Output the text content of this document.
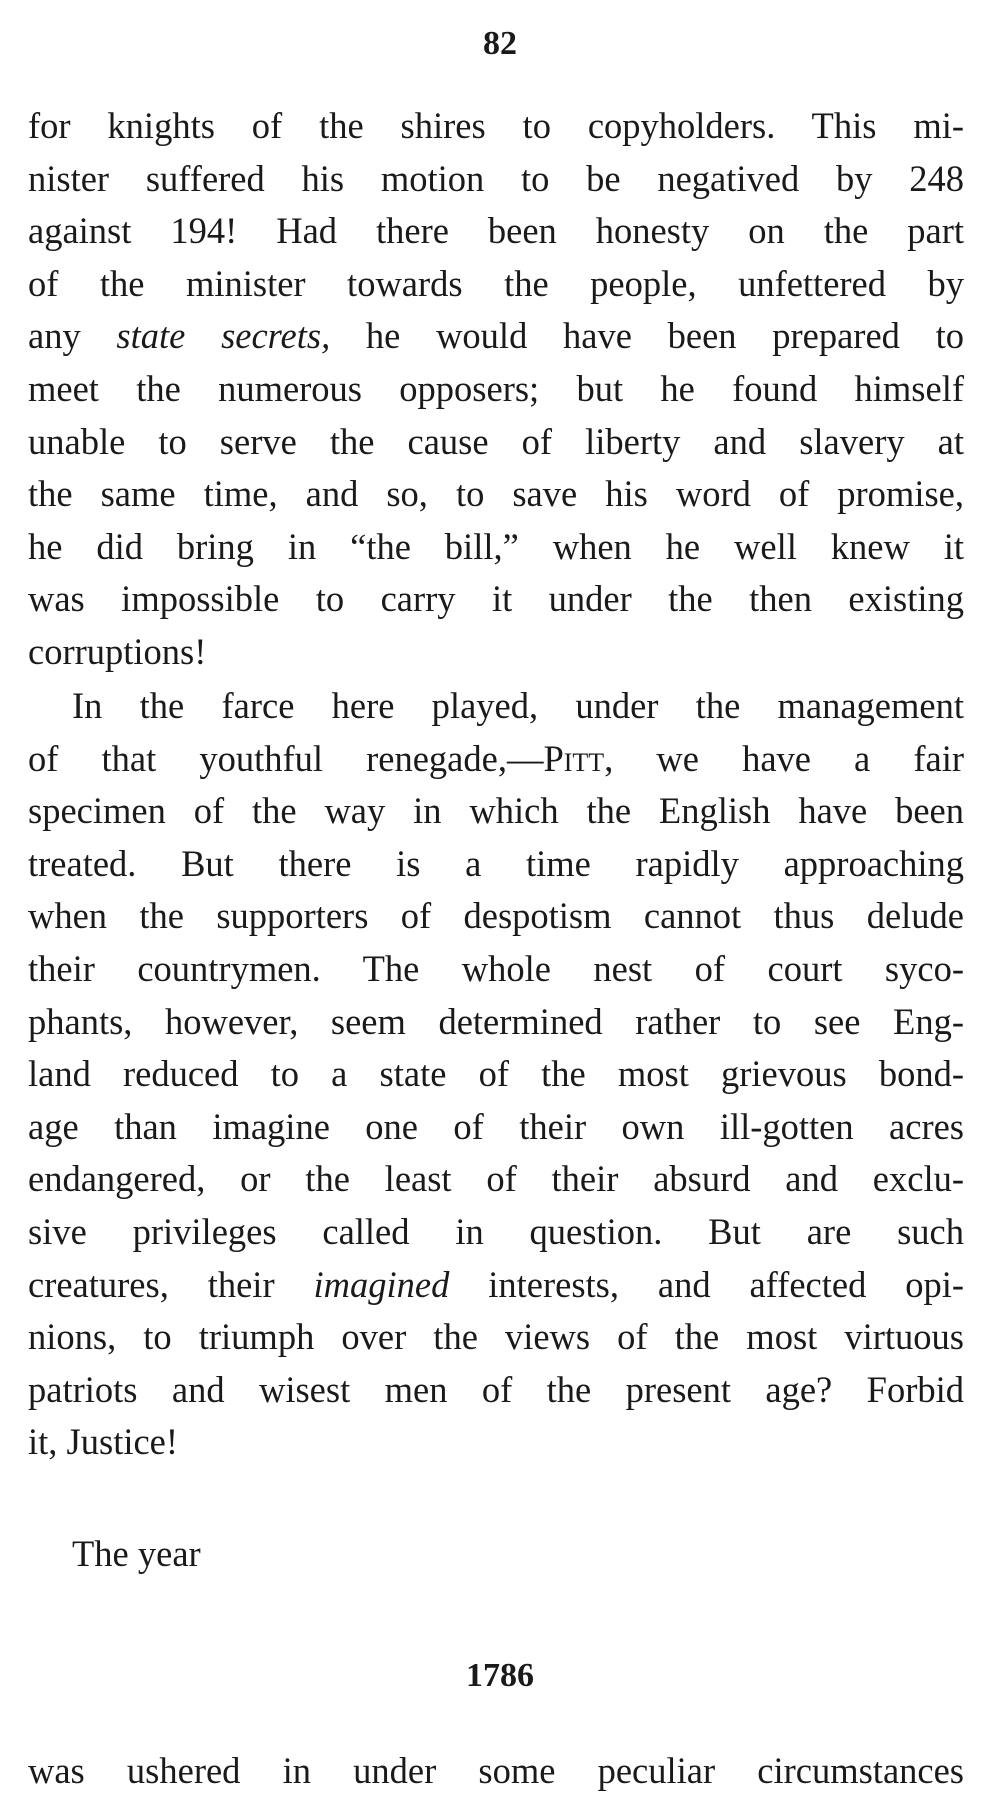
82
for knights of the shires to copyholders. This mi-
nister suffered his motion to be negatived by 248
against 194! Had there been honesty on the part
of the minister towards the people, unfettered by
any state secrets, he would have been prepared to
meet the numerous opposers; but he found himself
unable to serve the cause of liberty and slavery at
the same time, and so, to save his word of promise,
he did bring in “the bill,” when he well knew it
was impossible to carry it under the then existing
corruptions!
In the farce here played, under the management
of that youthful renegade,—Pitt, we have a fair
specimen of the way in which the English have been
treated. But there is a time rapidly approaching
when the supporters of despotism cannot thus delude
their countrymen. The whole nest of court syco-
phants, however, seem determined rather to see Eng-
land reduced to a state of the most grievous bond-
age than imagine one of their own ill-gotten acres
endangered, or the least of their absurd and exclu-
sive privileges called in question. But are such
creatures, their imagined interests, and affected opi-
nions, to triumph over the views of the most virtuous
patriots and wisest men of the present age? Forbid
it, Justice!
The year
1786
was ushered in under some peculiar circumstances
